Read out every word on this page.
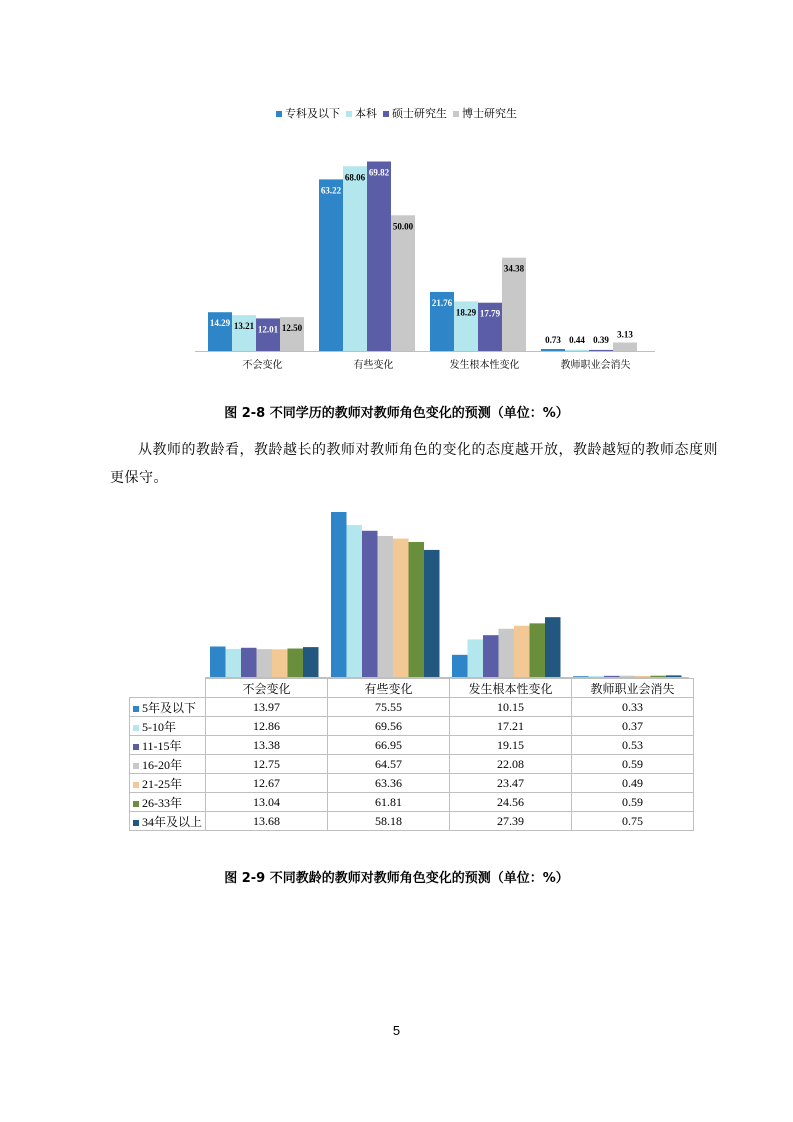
专科及以下 本科 硕士研究生 博士研究生
14.29 13.21 12.01 12.50
不会变化
63.22
68.06 69.82
50.00
有些变化
21.76
18.29 17.79
34.38
发生根本性变化
0.73 0.44 0.39
3.13
教师职业会消失
图 2-8 不同学历的教师对教师角色变化的预测（单位：%）
从教师的教龄看，教龄越长的教师对教师角色的变化的态度越开放，教龄越短的教师态度则更保守。
	不会变化	有些变化	发生根本性变化	教师职业会消失
5年及以下	13.97	75.55	10.15	0.33
5-10年	12.86	69.56	17.21	0.37
11-15年	13.38	66.95	19.15	0.53
16-20年	12.75	64.57	22.08	0.59
21-25年	12.67	63.36	23.47	0.49
26-33年	13.04	61.81	24.56	0.59
34年及以上	13.68	58.18	27.39	0.75
图 2-9 不同教龄的教师对教师角色变化的预测（单位：%）
5
